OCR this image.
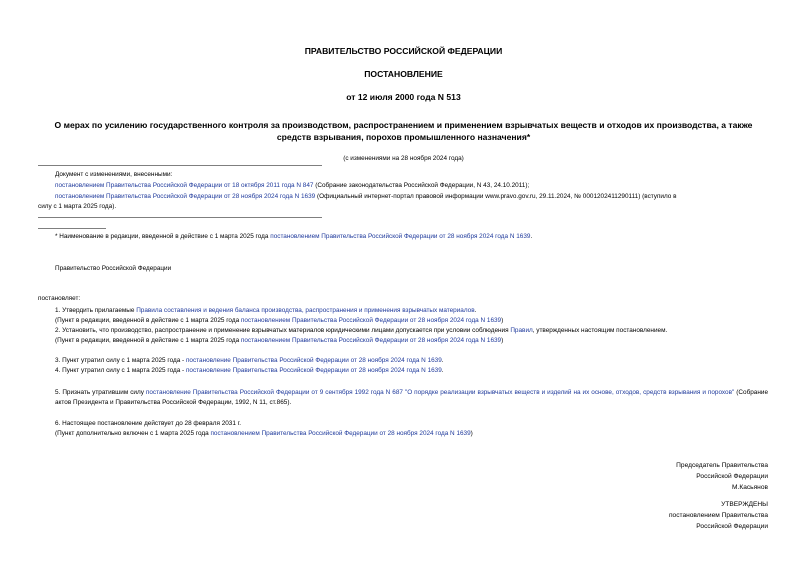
ПРАВИТЕЛЬСТВО РОССИЙСКОЙ ФЕДЕРАЦИИ
ПОСТАНОВЛЕНИЕ
от 12 июля 2000 года N 513
О мерах по усилению государственного контроля за производством, распространением и применением взрывчатых веществ и отходов их производства, а также средств взрывания, порохов промышленного назначения*
(с изменениями на 28 ноября 2024 года)
Документ с изменениями, внесенными:
постановлением Правительства Российской Федерации от 18 октября 2011 года N 847 (Собрание законодательства Российской Федерации, N 43, 24.10.2011);
постановлением Правительства Российской Федерации от 28 ноября 2024 года N 1639 (Официальный интернет-портал правовой информации www.pravo.gov.ru, 29.11.2024, № 0001202411290111) (вступило в
силу с 1 марта 2025 года).
* Наименование в редакции, введенной в действие с 1 марта 2025 года постановлением Правительства Российской Федерации от 28 ноября 2024 года N 1639.
Правительство Российской Федерации
постановляет:
1. Утвердить прилагаемые Правила составления и ведения баланса производства, распространения и применения взрывчатых материалов.
(Пункт в редакции, введенной в действие с 1 марта 2025 года постановлением Правительства Российской Федерации от 28 ноября 2024 года N 1639)
2. Установить, что производство, распространение и применение взрывчатых материалов юридическими лицами допускается при условии соблюдения Правил, утвержденных настоящим постановлением.
(Пункт в редакции, введенной в действие с 1 марта 2025 года постановлением Правительства Российской Федерации от 28 ноября 2024 года N 1639)
3. Пункт утратил силу с 1 марта 2025 года - постановление Правительства Российской Федерации от 28 ноября 2024 года N 1639.
4. Пункт утратил силу с 1 марта 2025 года - постановление Правительства Российской Федерации от 28 ноября 2024 года N 1639.
5. Признать утратившим силу постановление Правительства Российской Федерации от 9 сентября 1992 года N 687 "О порядке реализации взрывчатых веществ и изделий на их основе, отходов, средств взрывания и порохов" (Собрание актов Президента и Правительства Российской Федерации, 1992, N 11, ст.865).
6. Настоящее постановление действует до 28 февраля 2031 г.
(Пункт дополнительно включен с 1 марта 2025 года постановлением Правительства Российской Федерации от 28 ноября 2024 года N 1639)
Председатель Правительства
Российской Федерации
М.Касьянов
УТВЕРЖДЕНЫ
постановлением Правительства
Российской Федерации
